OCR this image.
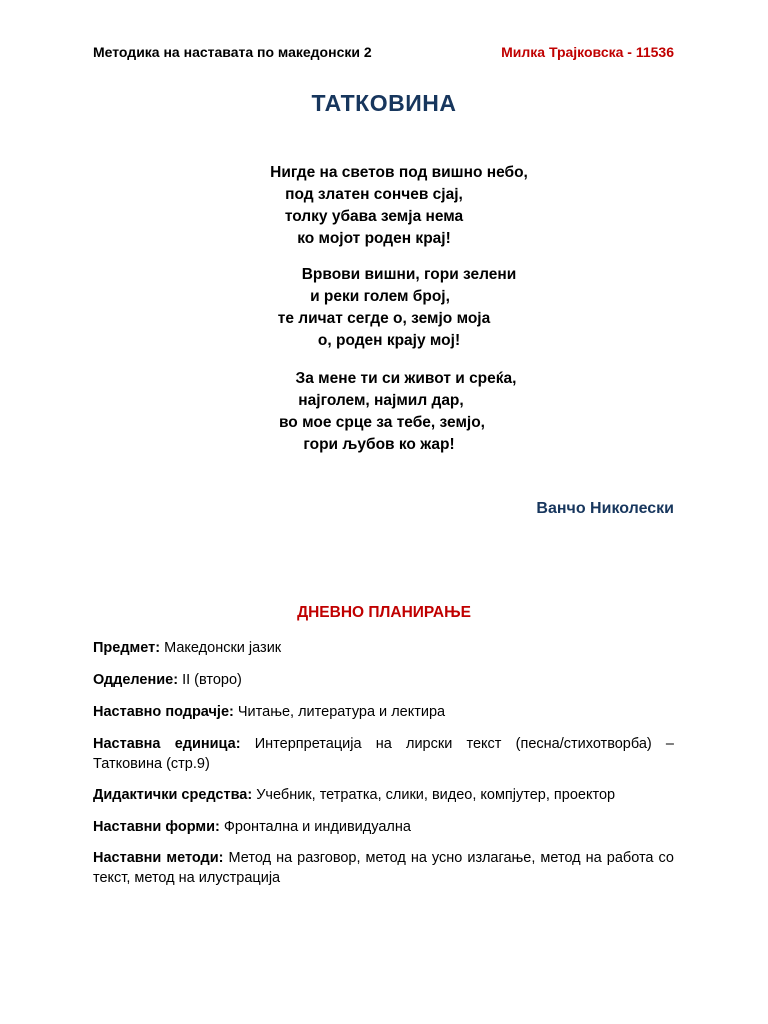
Методика на наставата по македонски 2	Милка Трајковска - 11536
ТАТКОВИНА
Нигде на светов под вишно небо,
под златен сончев сјај,
толку убава земја нема
ко мојот роден крај!
Врвови вишни, гори зелени
и реки голем број,
те личат сегде о, земјо моја
о, роден крају мој!
За мене ти си живот и среќа,
најголем, најмил дар,
во мое срце за тебе, земјо,
гори љубов ко жар!
Ванчо Николески
ДНЕВНО ПЛАНИРАЊЕ
Предмет: Македонски јазик
Одделение: II (второ)
Наставно подрачје: Читање, литература и лектира
Наставна единица: Интерпретација на лирски текст (песна/стихотворба) – Татковина (стр.9)
Дидактички средства: Учебник, тетратка, слики, видео, компјутер, проектор
Наставни форми: Фронтална и индивидуална
Наставни методи: Метод на разговор, метод на усно излагање, метод на работа со текст, метод на илустрација
